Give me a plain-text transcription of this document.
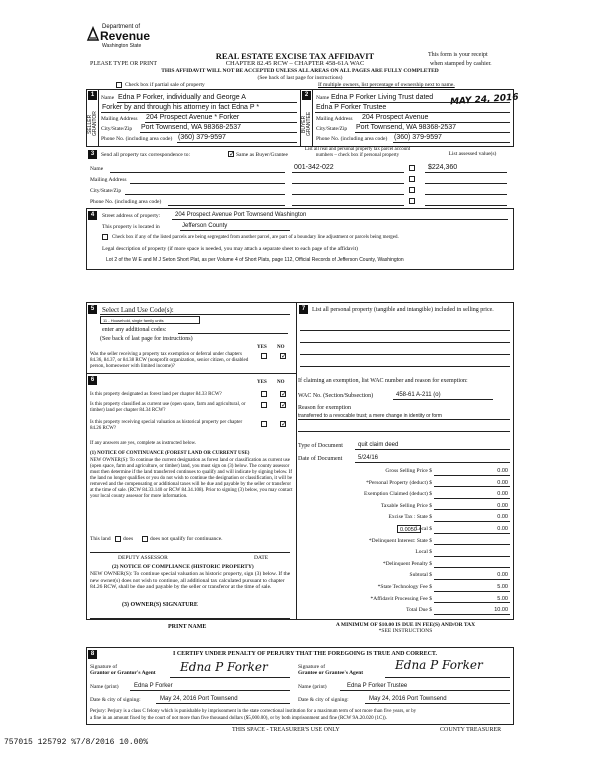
Department of
Revenue
Washington State
REAL ESTATE EXCISE TAX AFFIDAVIT
CHAPTER 82.45 RCW – CHAPTER 458-61A WAC
PLEASE TYPE OR PRINT
This form is your receipt
when stamped by cashier.
THIS AFFIDAVIT WILL NOT BE ACCEPTED UNLESS ALL AREAS ON ALL PAGES ARE FULLY COMPLETED
(See back of last page for instructions)
Check box if partial sale of property	If multiple owners, list percentage of ownership next to name.
1
SELLER GRANTOR
Name Edna P Forker, individually and George A
Forker by and through his attorney in fact Edna P *
Mailing Address 204 Prospect Avenue * Forker
City/State/Zip Port Townsend, WA 98368-2537
Phone No. (including area code) (360) 379-9597
2
BUYER GRANTEE
Name Edna P Forker Living Trust dated MAY 24, 2016
Edna P Forker Trustee
Mailing Address 204 Prospect Avenue
City/State/Zip Port Townsend, WA 98368-2537
Phone No. (including area code) (360) 379-9597
3	Send all property tax correspondence to:
✓	Same as Buyer/Grantee
List all real and personal property tax parcel account
numbers – check box if personal property	List assessed value(s)
Name
Mailing Address
City/State/Zip
Phone No. (including area code)
001-342-022	$224,360
4	Street address of property: 204 Prospect Avenue Port Townsend Washington
This property is located in	Jefferson County
Check box if any of the listed parcels are being segregated from another parcel, are part of a boundary line adjustment or parcels being merged.
Legal description of property (if more space is needed, you may attach a separate sheet to each page of the affidavit)
Lot 2 of the W E and M J Seton Short Plat, as per Volume 4 of Short Plats, page 112, Official Records of Jefferson County, Washington
5	Select Land Use Code(s):
11 - Household, single family units
enter any additional codes:
(See back of last page for instructions)
YES NO
Was the seller receiving a property tax exemption or deferral under chapters 84.36, 84.37, or 84.38 RCW (nonprofit organization, senior citizen, or disabled person, homeowner with limited income)?
✓
6	YES NO
Is this property designated as forest land per chapter 84.33 RCW?
✓
Is this property classified as current use (open space, farm and agricultural, or timber) land per chapter 84.34 RCW?
✓
Is this property receiving special valuation as historical property per chapter 84.26 RCW?
✓
If any answers are yes, complete as instructed below.
(1) NOTICE OF CONTINUANCE (FOREST LAND OR CURRENT USE)
NEW OWNER(S): To continue the current designation as forest land or classification as current use (open space, farm and agriculture, or timber) land, you must sign on (3) below. The county assessor must then determine if the land transferred continues to qualify and will indicate by signing below. If the land no longer qualifies or you do not wish to continue the designation or classification, it will be removed and the compensating or additional taxes will be due and payable by the seller or transferor at the time of sale. (RCW 84.33.140 or RCW 84.34.108). Prior to signing (3) below, you may contact your local county assessor for more information.
This land does	does not qualify for continuance.
DEPUTY ASSESSOR	DATE
(2) NOTICE OF COMPLIANCE (HISTORIC PROPERTY)
NEW OWNER(S): To continue special valuation as historic property, sign (3) below. If the new owner(s) does not wish to continue, all additional tax calculated pursuant to chapter 84.26 RCW, shall be due and payable by the seller or transferor at the time of sale.
(3) OWNER(S) SIGNATURE
PRINT NAME
7	List all personal property (tangible and intangible) included in selling price.
If claiming an exemption, list WAC number and reason for exemption:
WAC No. (Section/Subsection)	458-61 A-211 (o)
Reason for exemption
transferred to a revocable trust; a mere change in identity or form
Type of Document	quit claim deed
Date of Document	5/24/16
Gross Selling Price $	0.00
*Personal Property (deduct) $	0.00
Exemption Claimed (deduct) $	0.00
Taxable Selling Price $	0.00
Excise Tax : State $	0.00
Local $	0.00
*Delinquent Interest: State $
Local $
*Delinquent Penalty $
Subtotal $	0.00
*State Technology Fee $	5.00
*Affidavit Processing Fee $	5.00
Total Due $	10.00
0.0050
A MINIMUM OF $10.00 IS DUE IN FEE(S) AND/OR TAX
*SEE INSTRUCTIONS
8	I CERTIFY UNDER PENALTY OF PERJURY THAT THE FOREGOING IS TRUE AND CORRECT.
Signature of
Grantor or Grantor's Agent Edna P Forker
Name (print)	Edna P Forker
Date & city of signing:	May 24, 2016 Port Townsend
Signature of
Grantee or Grantee's Agent
Edna P Forker
Name (print)	Edna P Forker Trustee
Date & city of signing:	May 24, 2016 Port Townsend
Perjury: Perjury is a class C felony which is punishable by imprisonment in the state correctional institution for a maximum term of not more than five years, or by
a fine in an amount fixed by the court of not more than five thousand dollars ($5,000.00), or by both imprisonment and fine (RCW 9A.20.020 (1C)).
757015 125792 %7/8/2016 10.00%
THIS SPACE - TREASURER'S USE ONLY	COUNTY TREASURER
